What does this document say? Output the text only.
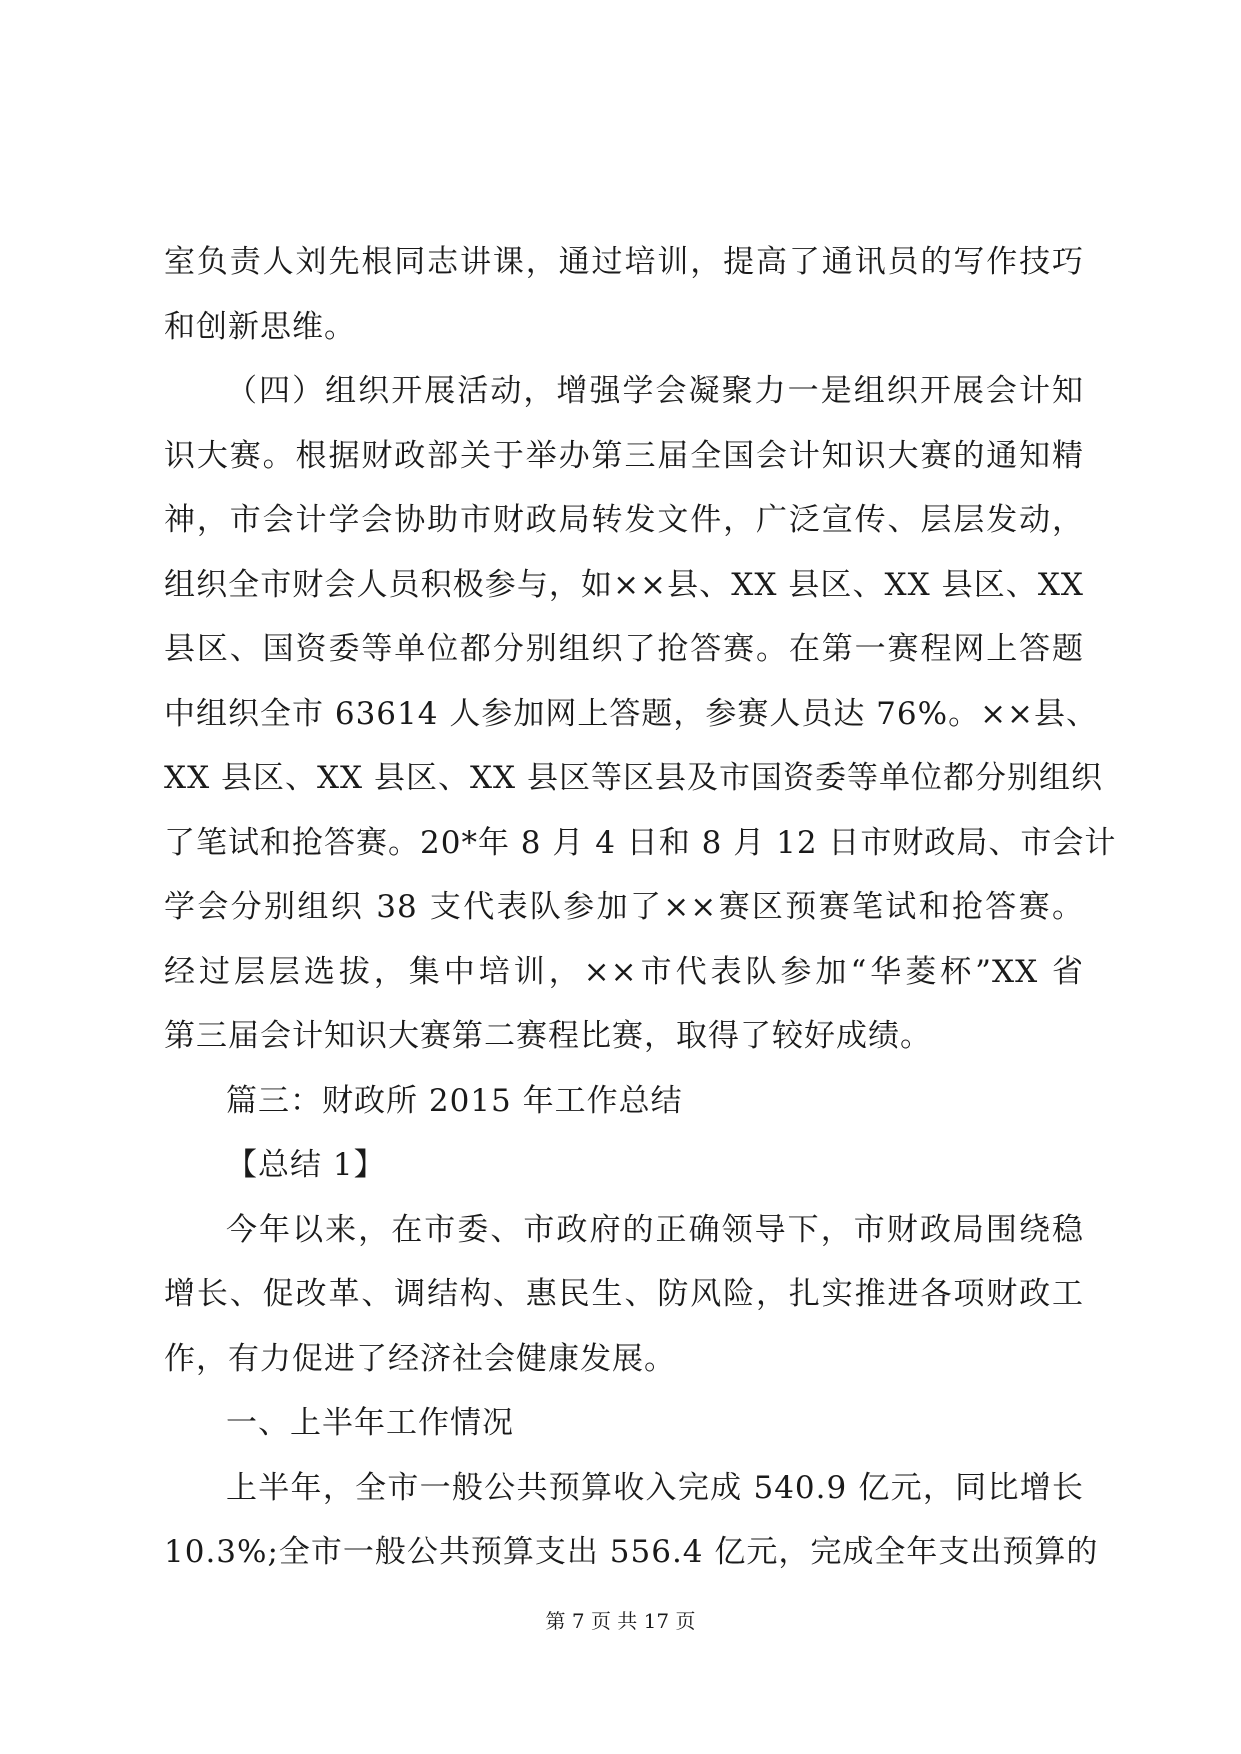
室负责人刘先根同志讲课，通过培训，提高了通讯员的写作技巧
和创新思维。
（四）组织开展活动，增强学会凝聚力一是组织开展会计知
识大赛。根据财政部关于举办第三届全国会计知识大赛的通知精
神，市会计学会协助市财政局转发文件，广泛宣传、层层发动，
组织全市财会人员积极参与，如××县、XX 县区、XX 县区、XX
县区、国资委等单位都分别组织了抢答赛。在第一赛程网上答题
中组织全市 63614 人参加网上答题，参赛人员达 76%。××县、
XX 县区、XX 县区、XX 县区等区县及市国资委等单位都分别组织
了笔试和抢答赛。20*年 8 月 4 日和 8 月 12 日市财政局、市会计
学会分别组织 38 支代表队参加了××赛区预赛笔试和抢答赛。
经过层层选拔，集中培训，××市代表队参加“华菱杯”XX 省
第三届会计知识大赛第二赛程比赛，取得了较好成绩。
篇三：财政所 2015 年工作总结
【总结 1】
今年以来，在市委、市政府的正确领导下，市财政局围绕稳
增长、促改革、调结构、惠民生、防风险，扎实推进各项财政工
作，有力促进了经济社会健康发展。
一、上半年工作情况
上半年，全市一般公共预算收入完成 540.9 亿元，同比增长
10.3%;全市一般公共预算支出 556.4 亿元，完成全年支出预算的
第 7 页 共 17 页
